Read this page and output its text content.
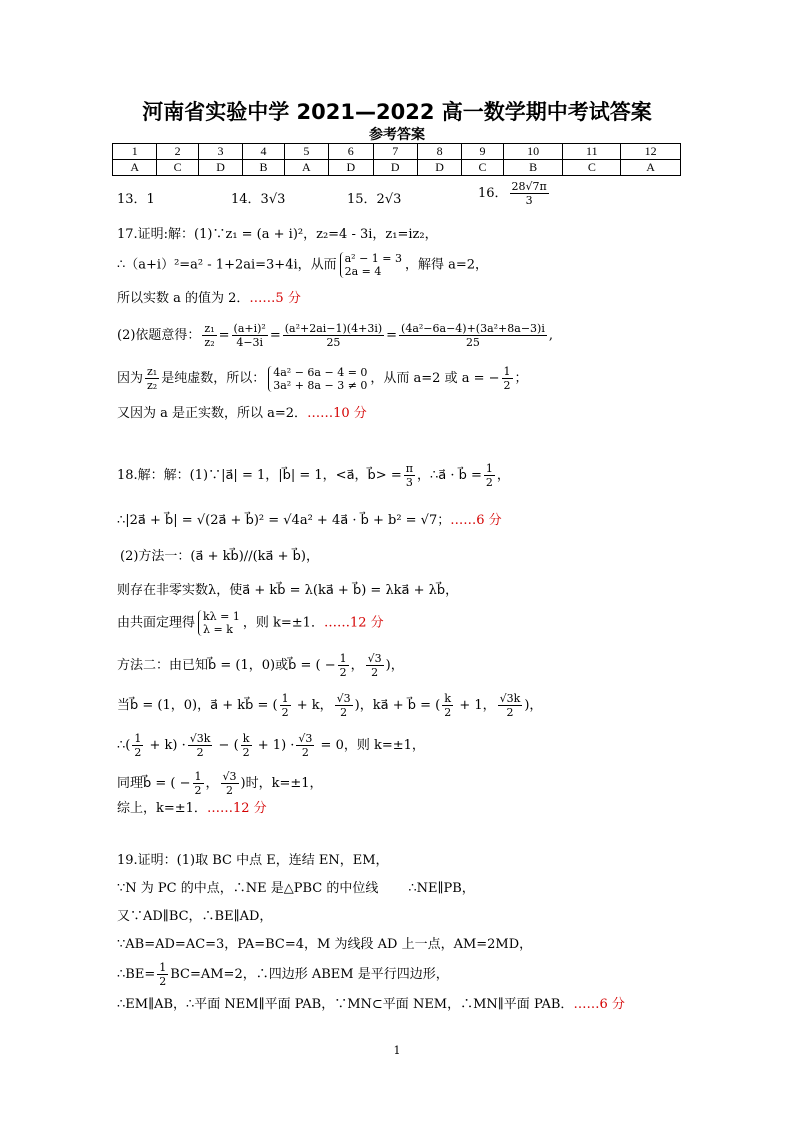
河南省实验中学 2021—2022 高一数学期中考试答案
参考答案
1	2	3	4	5	6	7	8	9	10	11	12
A	C	D	B	A	D	D	D	C	B	C	A
13．1	14．3√3	15．2√3	16． $\frac{28√7\pi}{3}$
17.证明:解：(1)∵z₁ = (a + i)²，z₂=4 - 3i，z₁=iz₂，
∴（a+i）²=a² - 1+2ai=3+4i，从而 a² − 1 = 3
2a = 4	，解得 a=2，
所以实数 a 的值为 2．……5 分
(2)依题意得： $\frac{\text{z₁}}{\text{z₂}} = \frac{\text{(a+i)²}}{4-3i} = \frac{\text{(a²+2ai−1)(4+3i)}}{25} = \frac{\text{(4a²−6a−4)+(3a²+8a−3)i}}{25}$ ,
因为 $\frac{\text{z₁}}{\text{z₂}}$ 是纯虚数，所以： 4a² − 6a − 4 = 0
3a² + 8a − 3 ≠ 0 ，从而 a=2 或 a = − $\frac{1}{2}$ ；
又因为 a 是正实数，所以 a=2．……10 分
18.解：解：(1)∵|a⃗| = 1，|b⃗| = 1，<a⃗，b⃗> = $\frac{\pi}{3}$ ，∴a⃗ · b⃗ = $\frac{1}{2}$ ，
∴|2a⃗ + b⃗| = √(2a⃗ + b⃗)² = √4a² + 4a⃗ · b⃗ + b² = √7；……6 分
(2)方法一：(a⃗ + kb⃗)//(ka⃗ + b⃗)，
则存在非零实数λ，使a⃗ + kb⃗ = λ(ka⃗ + b⃗) = λka⃗ + λb⃗，
由共面定理得 kλ = 1
λ = k ，则 k=±1．……12 分
方法二：由已知b⃗ = (1，0)或b⃗ = ( − $\frac{1}{2}$ ， $\frac{√3}{2}$ )，
当b⃗ = (1，0)，a⃗ + kb⃗ = ( $\frac{1}{2} + k$， $\frac{√3}{2}$ )，ka⃗ + b⃗ = ( $\frac{k}{2} + 1$， $\frac{√3k}{2}$ )，
∴( $\frac{1}{2} + k) \cdot \frac{√3k}{2}$ − ( $\frac{k}{2} + 1) \cdot \frac{√3}{2} = 0$，则 k=±1，
同理b⃗ = ( − $\frac{1}{2}$ ， $\frac{√3}{2}$ )时，k=±1，
综上，k=±1．……12 分
19.证明：(1)取 BC 中点 E，连结 EN，EM，
∵N 为 PC 的中点，∴NE 是△PBC 的中位线 ∴NE∥PB，
又∵AD∥BC，∴BE∥AD，
∵AB=AD=AC=3，PA=BC=4，M 为线段 AD 上一点，AM=2MD，
∴BE= $\frac{1}{2} BC=AM=2$，∴四边形 ABEM 是平行四边形，
∴EM∥AB，∴平面 NEM∥平面 PAB，∵MN⊂平面 NEM，∴MN∥平面 PAB．……6 分
1
